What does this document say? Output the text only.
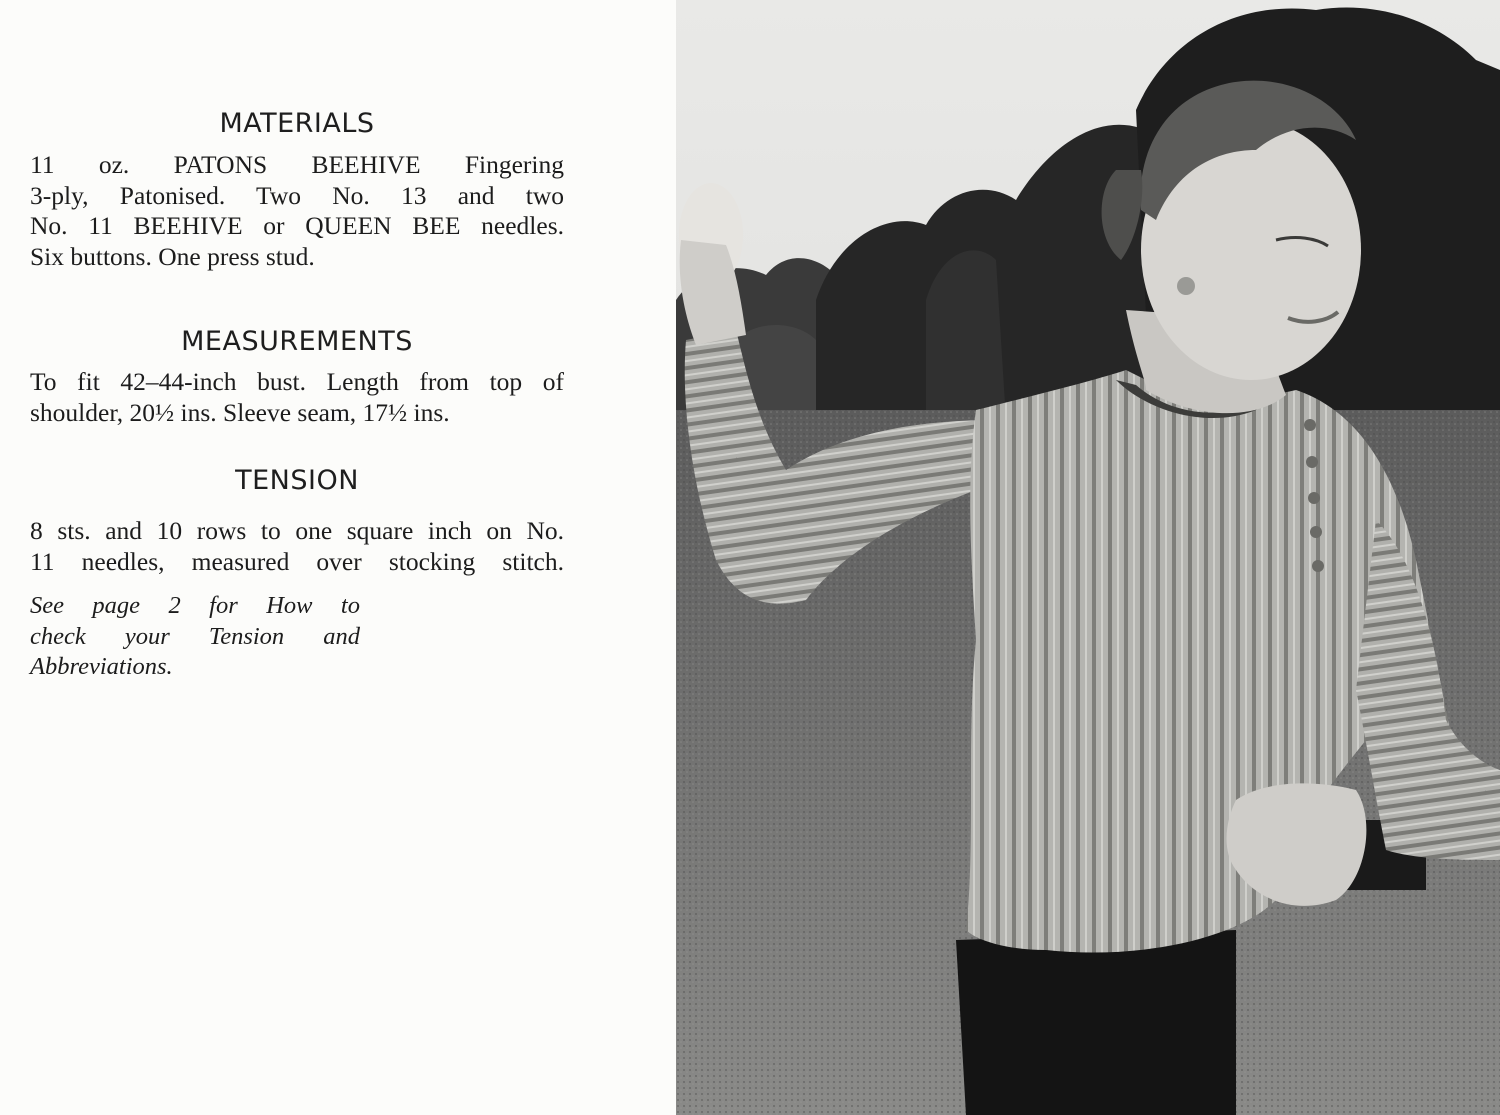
MATERIALS

11 oz. PATONS BEEHIVE Fingering
3-ply, Patonised. Two No. 13 and two
No. 11 BEEHIVE or QUEEN BEE needles.
Six buttons. One press stud.

MEASUREMENTS

To fit 42–44-inch bust. Length from top of
shoulder, 20½ ins. Sleeve seam, 17½ ins.

TENSION

8 sts. and 10 rows to one square inch on No.
11 needles, measured over stocking stitch.

See page 2 for How to
check your Tension and
Abbreviations.
